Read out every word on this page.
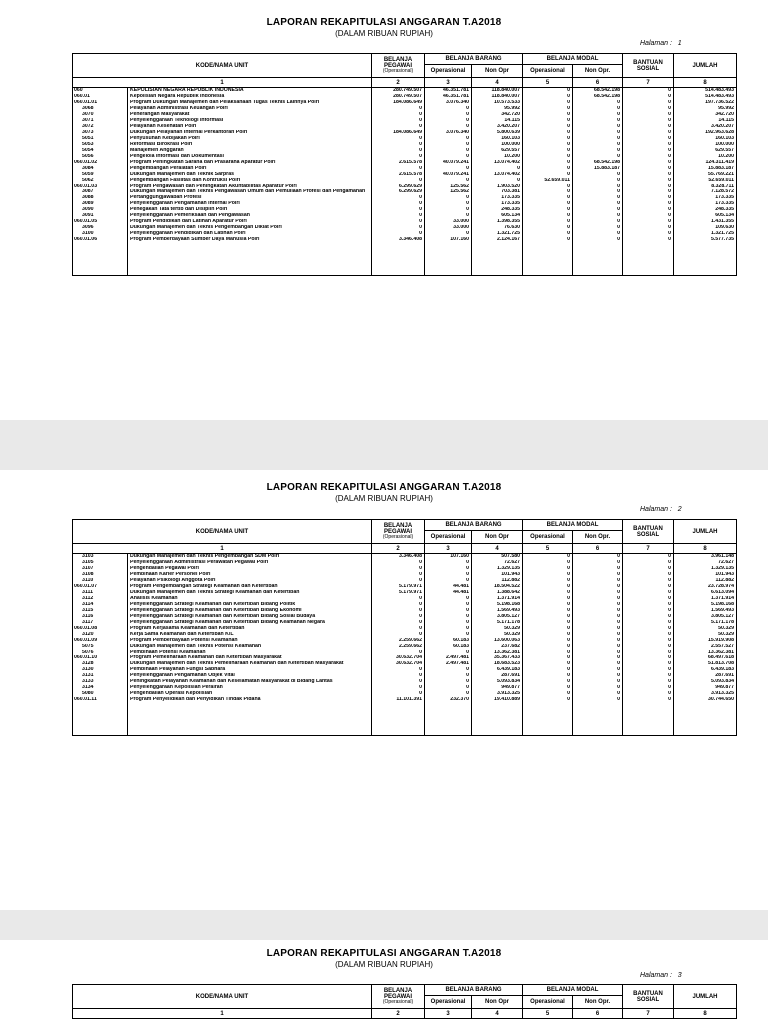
LAPORAN REKAPITULASI ANGGARAN T.A2018
(DALAM RIBUAN RUPIAH)
Halaman : 1
KODE/NAMA UNIT		BELANJA PEGAWAI
(Operasional)	BELANJA BARANG		BELANJA MODAL		BANTUAN SOSIAL	JUMLAH
			Operasional	Non Opr	Operasional	Non Opr.		
1		2	3	4	5	6	7	8
060	KEPOLISIAN NEGARA REPUBLIK INDONESIA	280.749.507	46.351.781	118.840.007	0	68.542.198	0	514.483.493
060.01	Kepolisian Negara Republik Indonesia	280.749.507	46.351.781	118.840.007	0	68.542.198	0	514.483.493
060.01.01	Program Dukungan Manajemen dan Pelaksanaan Tugas Teknis Lainnya Polri	184.086.649	3.076.340	10.573.533	0	0	0	197.736.522
3068	Pelayanan Administrasi Keuangan Polri	0	0	95.992	0	0	0	95.992
3070	Penerangan Masyarakat	0	0	342.720	0	0	0	342.720
3071	Penyelenggaraan Teknologi Informasi	0	0	14.115	0	0	0	14.115
3072	Pelayanan Kesehatan Polri	0	0	3.420.207	0	0	0	3.420.207
3073	Dukungan Pelayanan Internal Perkantoran Polri	184.086.649	3.076.340	5.800.639	0	0	0	192.963.628
5051	Penyusunan Kebijakan Polri	0	0	160.103	0	0	0	160.103
5053	Reformasi Birokrasi Polri	0	0	100.000	0	0	0	100.000
5054	Manajemen Anggaran	0	0	629.557	0	0	0	629.557
5056	Pengelola Informasi dan Dokumentasi	0	0	10.200	0	0	0	10.200
060.01.02	Program Peningkatan Sarana dan Prasarana Aparatur Polri	2.615.578	40.079.241	13.074.402	0	68.542.198	0	124.311.419
3084	Pengembangan Peralatan Polri	0	0	0	0	15.883.187	0	15.883.187
5059	Dukungan Manajemen dan Teknik Sarpras	2.615.578	40.079.241	13.074.402	0	0	0	55.769.221
5062	Pengembangan Fasilitas dan Kontruksi Polri	0	0	0	52.659.011	0	0	52.659.011
060.01.03	Program Pengawasan dan Peningkatan Akuntabilitas Aparatur Polri	6.299.629	125.562	1.903.520	0	0	0	8.328.711
3087	Dukungan Manajemen dan Teknis Pengawasan Umum dan Pemuliaan Profesi dan Pengamanan	6.299.629	125.562	703.381	0	0	0	7.128.572
3088	Pertanggungjawaban Profesi	0	0	173.335	0	0	0	173.335
3089	Penyelenggaraan Pengamanan Internal Polri	0	0	173.335	0	0	0	173.335
3090	Penegakan Tata tertib dan Disiplin Polri	0	0	248.335	0	0	0	248.335
3091	Penyelenggaraan Pemeriksaan dan Pengawasan	0	0	605.134	0	0	0	605.134
060.01.05	Program Pendidikan dan Latihan Aparatur Polri	0	33.000	1.398.355	0	0	0	1.431.355
3096	Dukungan Manajemen dan Teknis Pengembangan Diklat Polri	0	33.000	76.630	0	0	0	109.630
3100	Penyelenggaraan Pendidikan dan Latihan Polri	0	0	1.321.725	0	0	0	1.321.725
060.01.06	Program Pemberdayaan Sumber Daya Manusia Polri	3.346.408	107.160	2.124.167	0	0	0	5.577.735

LAPORAN REKAPITULASI ANGGARAN T.A2018
(DALAM RIBUAN RUPIAH)
Halaman : 2
KODE/NAMA UNIT		BELANJA PEGAWAI
(Operasional)	BELANJA BARANG		BELANJA MODAL		BANTUAN SOSIAL	JUMLAH
			Operasional	Non Opr	Operasional	Non Opr.		
1		2	3	4	5	6	7	8
3103	Dukungan Manajemen dan Teknis Pengembangan SDM Polri	3.346.408	107.160	507.580	0	0	0	3.961.148
3105	Penyelenggaraan Administrasi Perawatan Pegawai Polri	0	0	72.627	0	0	0	72.627
3107	Pengendalian Pegawai Polri	0	0	1.329.135	0	0	0	1.329.135
3108	Pembinaan Karier Personel Polri	0	0	101.943	0	0	0	101.943
3110	Pelayanan Psikologi Anggota Polri	0	0	112.882	0	0	0	112.882
060.01.07	Program Pengembangan Strategi Keamanan dan Ketertiban	5.179.971	44.481	18.504.522	0	0	0	23.728.974
3111	Dukungan Manajemen dan Teknis Strategi Keamanan dan Ketertiban	5.179.971	44.481	1.388.642	0	0	0	6.613.094
3112	Analisis Keamanan	0	0	1.371.914	0	0	0	1.371.914
3114	Penyelenggaraan Strategi Keamanan dan Ketertiban Bidang Politik	0	0	5.198.168	0	0	0	5.198.168
3115	Penyelenggaraan Strategi Keamanan dan Ketertiban Bidang Ekonomi	0	0	1.569.493	0	0	0	1.569.493
3116	Penyelenggaraan Strategi Keamanan dan Ketertiban Bidang Sosial Budaya	0	0	3.805.127	0	0	0	3.805.127
3117	Penyelenggaraan Strategi Keamanan dan Ketertiban Bidang Keamanan Negara	0	0	5.171.178	0	0	0	5.171.178
060.01.08	Program Kerjasama Keamanan dan Ketertiban	0	0	50.329	0	0	0	50.329
3120	Kerja Sama Keamanan dan Ketertiban K/L	0	0	50.329	0	0	0	50.329
060.01.09	Program Pemberdayaan Potensi Keamanan	2.259.662	60.183	13.600.063	0	0	0	15.919.908
5075	Dukungan Manajemen dan Teknis Potensi Keamanan	2.259.662	60.183	237.682	0	0	0	2.557.527
5076	Pembinaan Potensi Keamanan	0	0	13.362.381	0	0	0	13.362.381
060.01.10	Program Pemeliharaan Keamanan dan Ketertiban Masyarakat	30.632.704	2.497.481	35.367.433	0	0	0	68.497.618
3128	Dukungan Manajemen dan Teknis Pemeliharaan Keamanan dan Ketertiban Masyarakat	30.632.704	2.497.481	18.683.523	0	0	0	51.813.708
3130	Pembinaan Pelayanan Fungsi Sabhara	0	0	6.439.183	0	0	0	6.439.183
3131	Penyelenggaraan Pengamanan Objek Vital	0	0	287.691	0	0	0	287.691
3133	Peningkatan Pelayanan Keamanan dan Keselamatan Masyarakat di Bidang Lantas	0	0	5.093.834	0	0	0	5.093.834
3134	Penyelenggaraan Kepolisian Perairan	0	0	949.877	0	0	0	949.877
5080	Pengendalian Operasi Kepolisian	0	0	3.913.325	0	0	0	3.913.325
060.01.11	Program Penyelidikan dan Penyidikan Tindak Pidana	11.101.391	232.370	19.410.889	0	0	0	30.744.650

LAPORAN REKAPITULASI ANGGARAN T.A2018
(DALAM RIBUAN RUPIAH)
Halaman : 3
KODE/NAMA UNIT	BELANJA PEGAWAI
(Operasional)	BELANJA BARANG		BELANJA MODAL		BANTUAN SOSIAL	JUMLAH
		Operasional	Non Opr	Operasional	Non Opr.		
1	2	3	4	5	6	7	8
